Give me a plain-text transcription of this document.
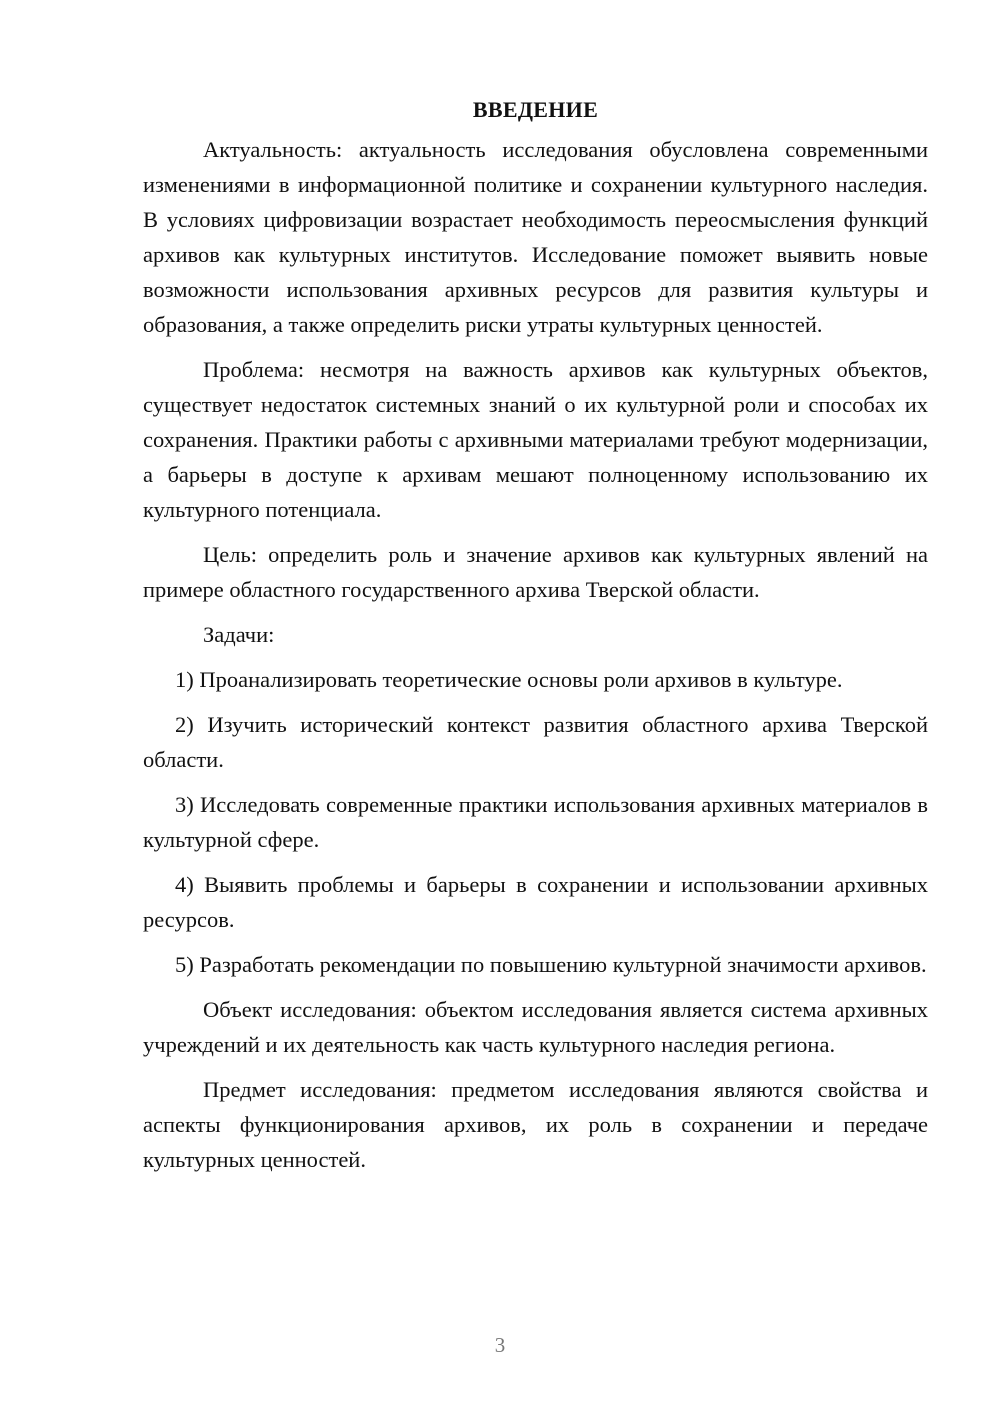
ВВЕДЕНИЕ

Актуальность: актуальность исследования обусловлена современными изменениями в информационной политике и сохранении культурного наследия. В условиях цифровизации возрастает необходимость переосмысления функций архивов как культурных институтов. Исследование поможет выявить новые возможности использования архивных ресурсов для развития культуры и образования, а также определить риски утраты культурных ценностей.

Проблема: несмотря на важность архивов как культурных объектов, существует недостаток системных знаний о их культурной роли и способах их сохранения. Практики работы с архивными материалами требуют модернизации, а барьеры в доступе к архивам мешают полноценному использованию их культурного потенциала.

Цель: определить роль и значение архивов как культурных явлений на примере областного государственного архива Тверской области.

Задачи:

1) Проанализировать теоретические основы роли архивов в культуре.

2) Изучить исторический контекст развития областного архива Тверской области.

3) Исследовать современные практики использования архивных материалов в культурной сфере.

4) Выявить проблемы и барьеры в сохранении и использовании архивных ресурсов.

5) Разработать рекомендации по повышению культурной значимости архивов.

Объект исследования: объектом исследования является система архивных учреждений и их деятельность как часть культурного наследия региона.

Предмет исследования: предметом исследования являются свойства и аспекты функционирования архивов, их роль в сохранении и передаче культурных ценностей.

3
